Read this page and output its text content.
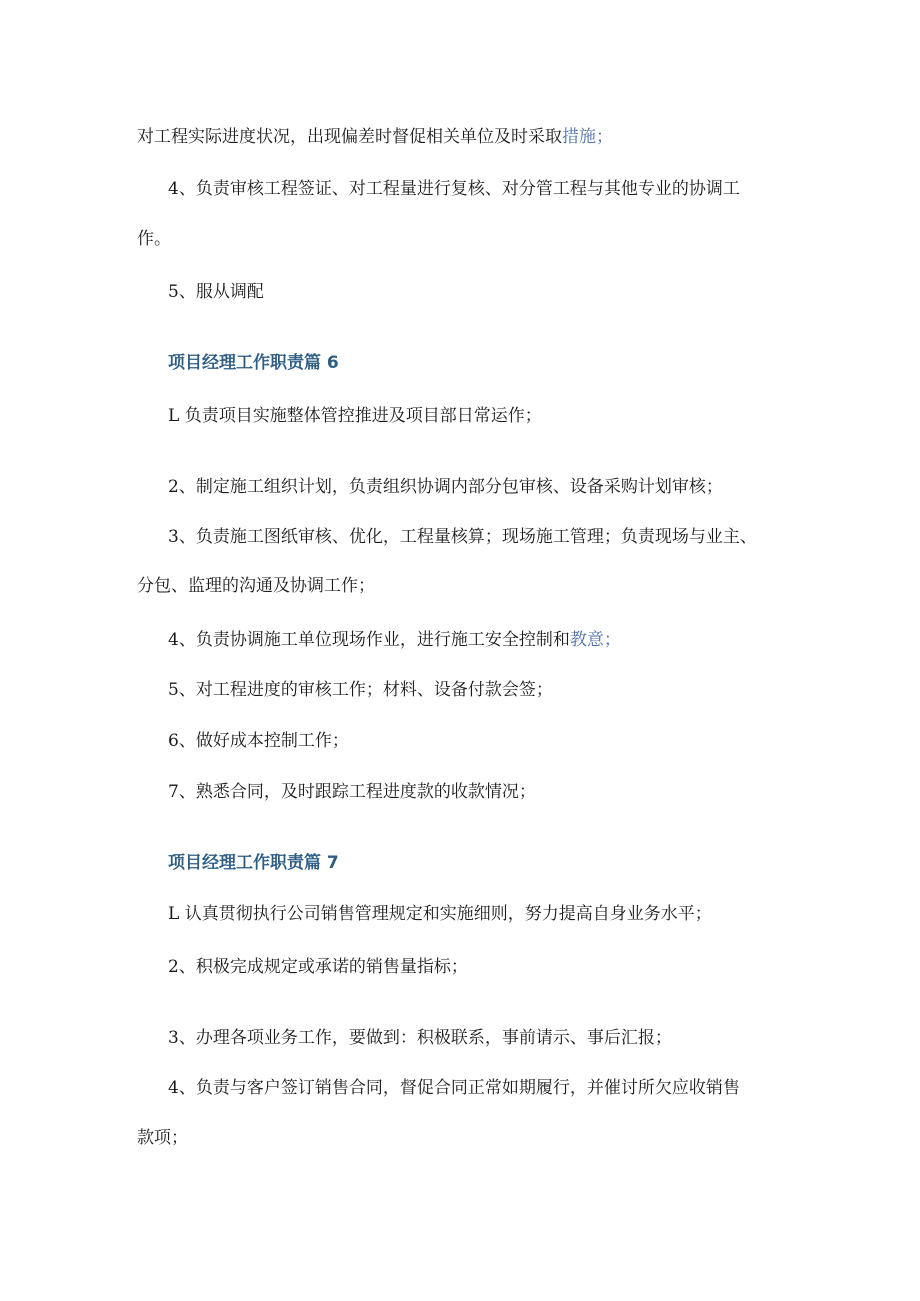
对工程实际进度状况，出现偏差时督促相关单位及时采取措施；
4、负责审核工程签证、对工程量进行复核、对分管工程与其他专业的协调工
作。
5、服从调配
项目经理工作职责篇 6
L 负责项目实施整体管控推进及项目部日常运作；
2、制定施工组织计划，负责组织协调内部分包审核、设备采购计划审核；
3、负责施工图纸审核、优化，工程量核算；现场施工管理；负责现场与业主、
分包、监理的沟通及协调工作；
4、负责协调施工单位现场作业，进行施工安全控制和教意；
5、对工程进度的审核工作；材料、设备付款会签；
6、做好成本控制工作；
7、熟悉合同，及时跟踪工程进度款的收款情况；
项目经理工作职责篇 7
L 认真贯彻执行公司销售管理规定和实施细则，努力提高自身业务水平；
2、积极完成规定或承诺的销售量指标；
3、办理各项业务工作，要做到：积极联系，事前请示、事后汇报；
4、负责与客户签订销售合同，督促合同正常如期履行，并催讨所欠应收销售
款项；
